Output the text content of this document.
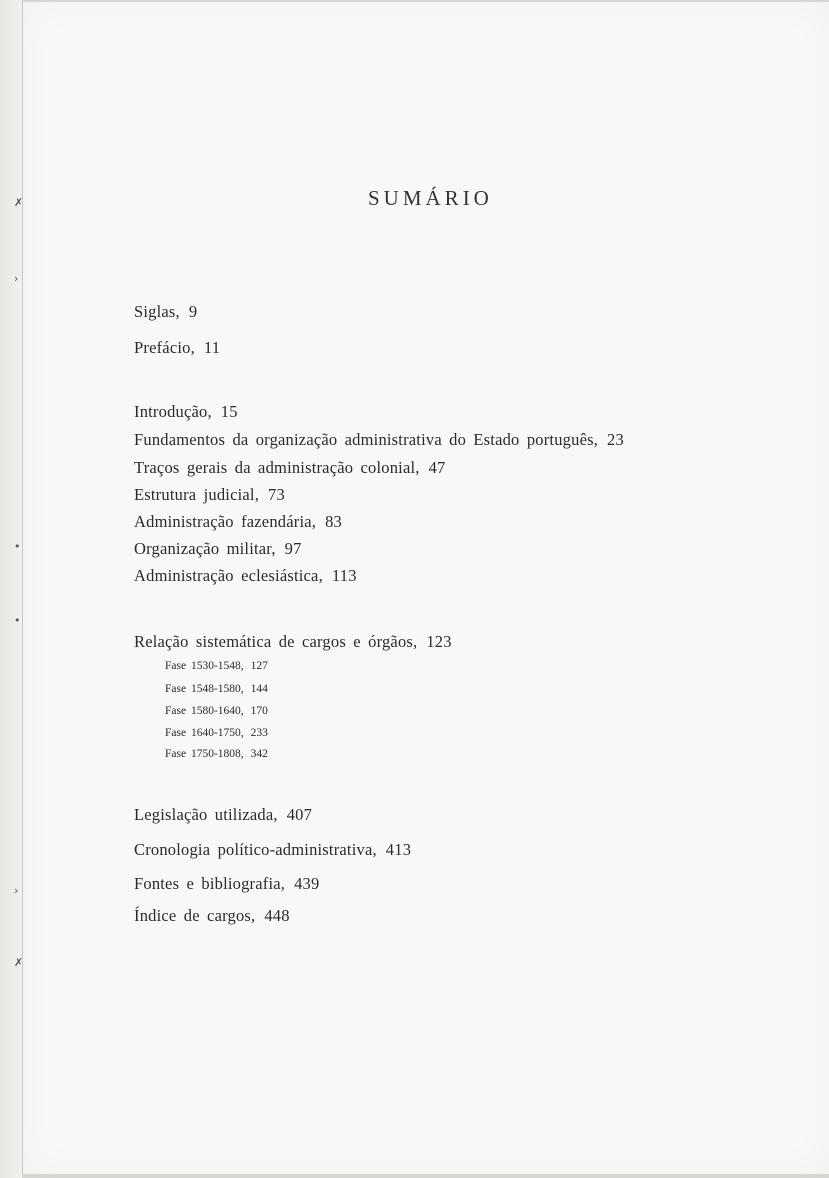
✗
›
•
•
›
✗
SUMÁRIO
Siglas, 9
Prefácio, 11
Introdução, 15
Fundamentos da organização administrativa do Estado português, 23
Traços gerais da administração colonial, 47
Estrutura judicial, 73
Administração fazendária, 83
Organização militar, 97
Administração eclesiástica, 113
Relação sistemática de cargos e órgãos, 123
Fase 1530-1548, 127
Fase 1548-1580, 144
Fase 1580-1640, 170
Fase 1640-1750, 233
Fase 1750-1808, 342
Legislação utilizada, 407
Cronologia político-administrativa, 413
Fontes e bibliografia, 439
Índice de cargos, 448
